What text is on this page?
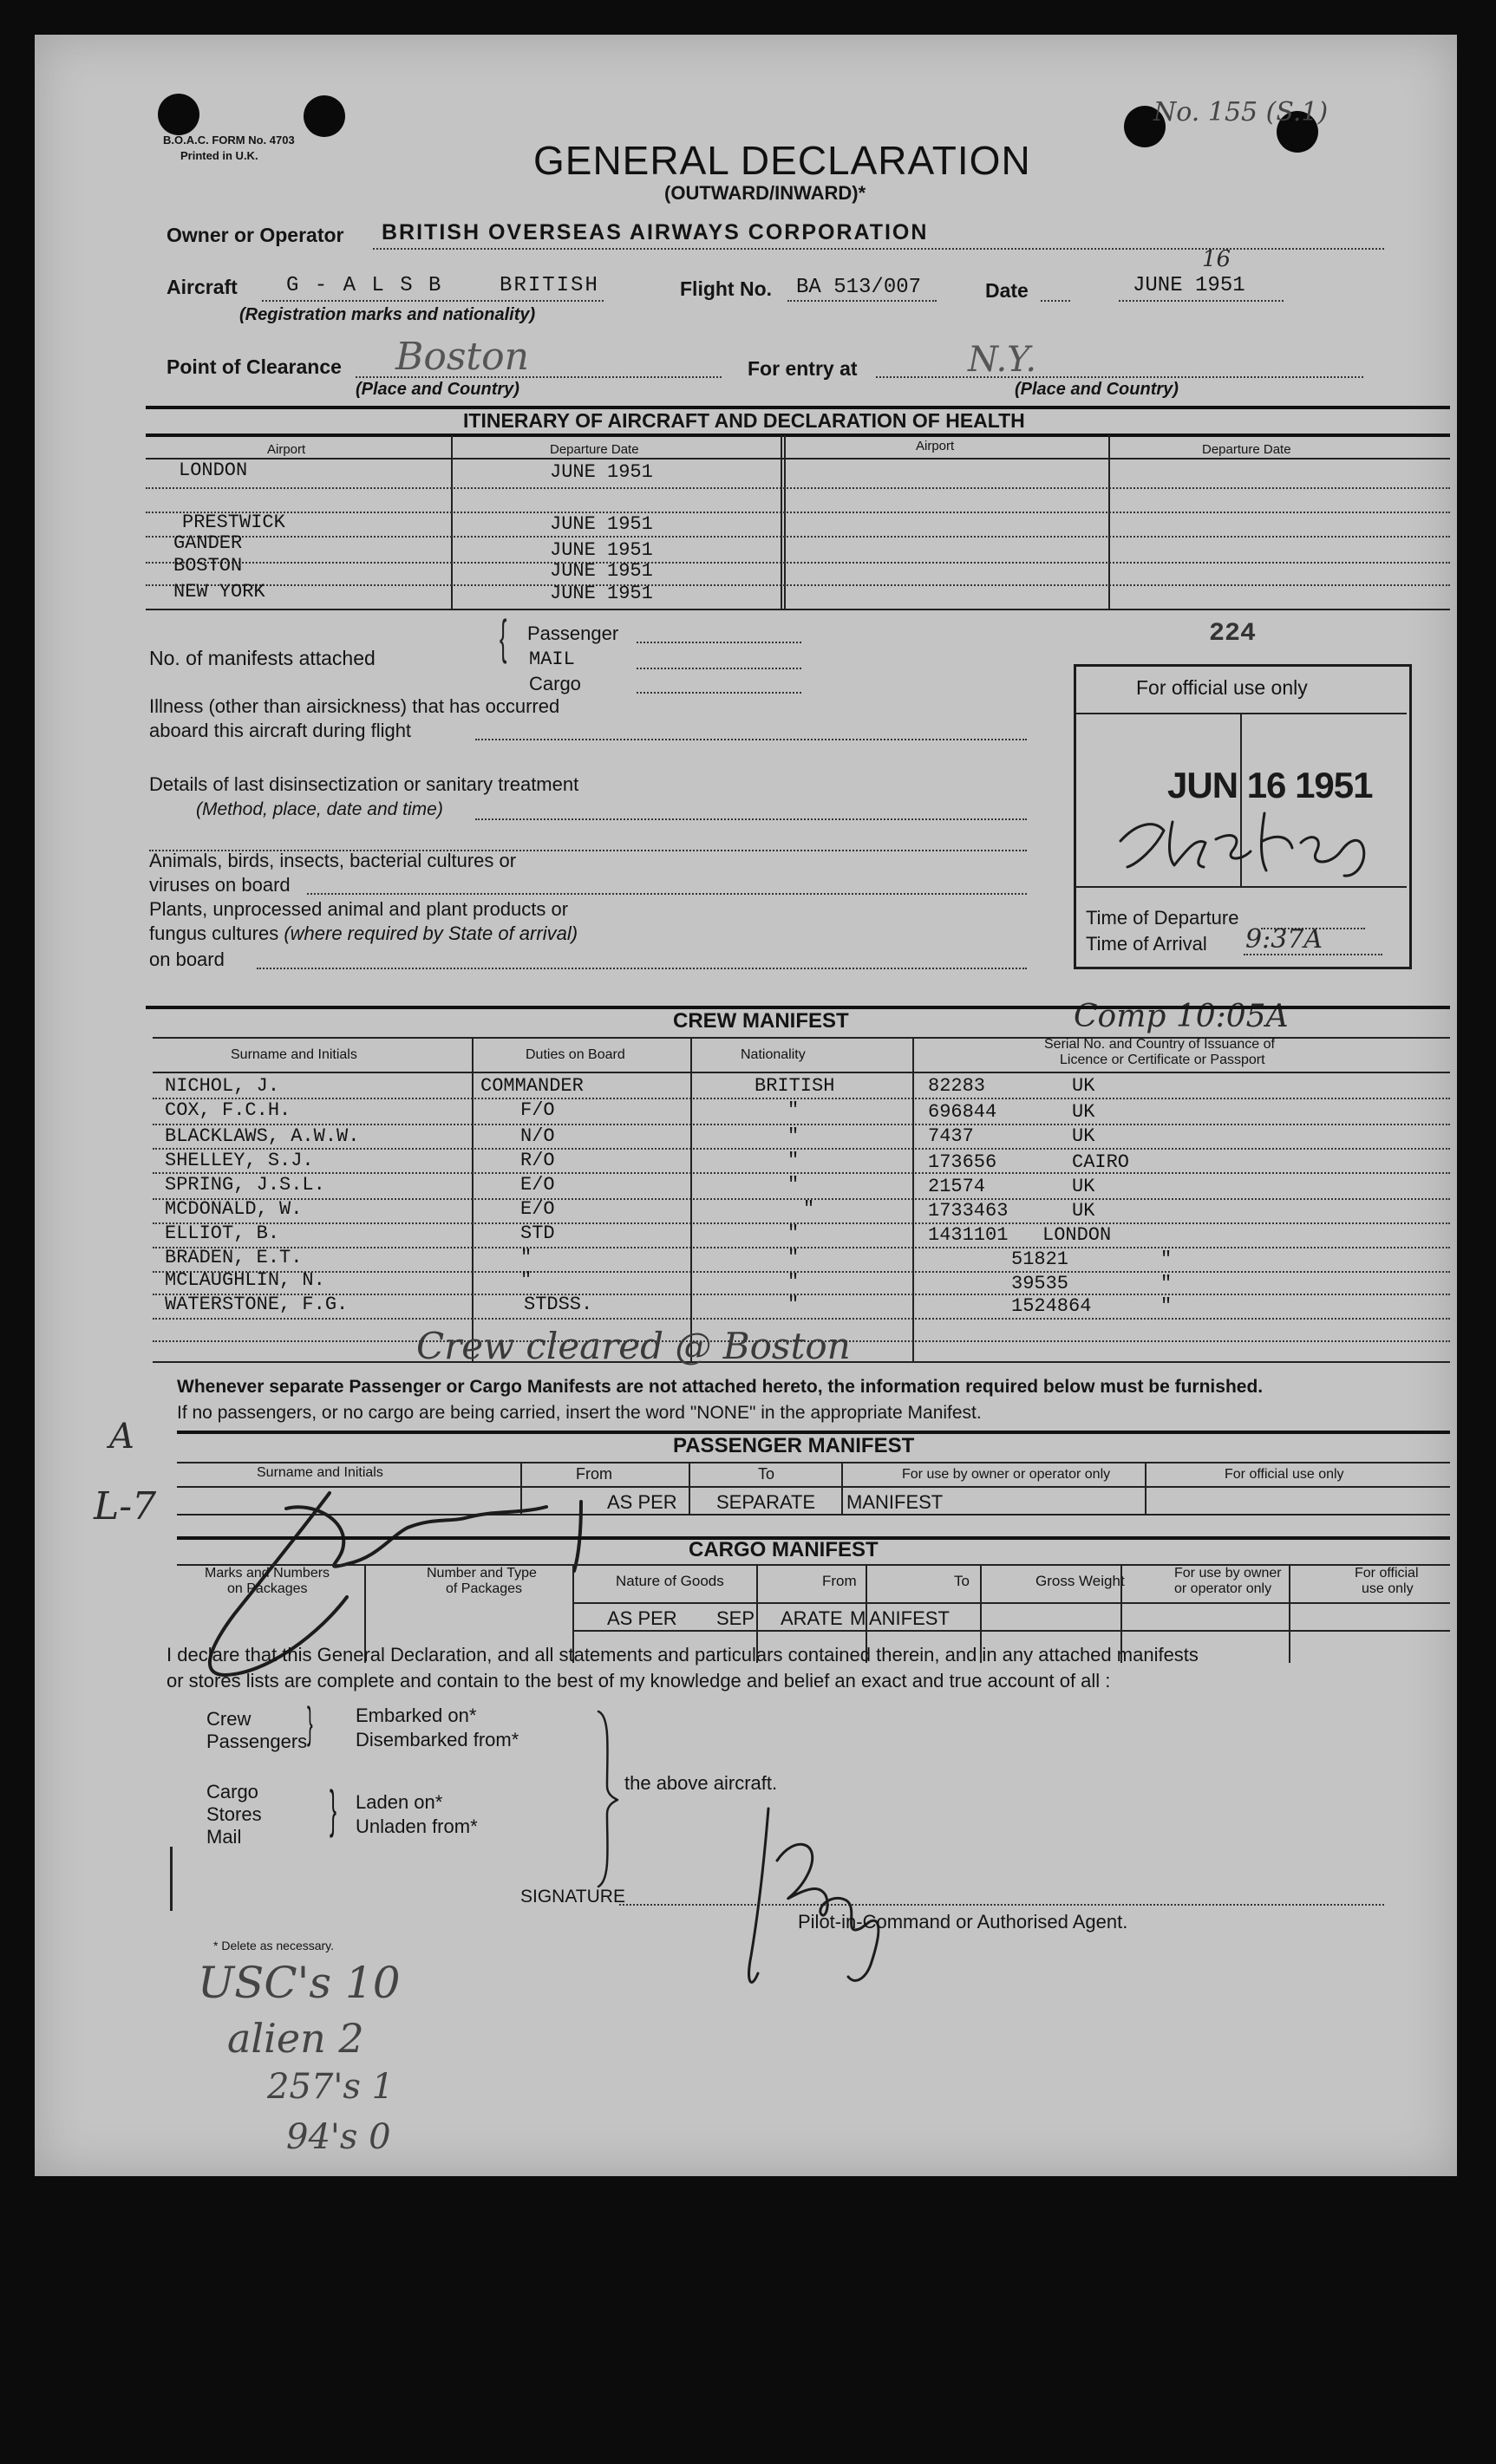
B.O.A.C. FORM No. 4703
Printed in U.K.
No. 155 (S.1)
GENERAL DECLARATION
(OUTWARD/INWARD)*
Owner or Operator BRITISH OVERSEAS AIRWAYS CORPORATION
Aircraft G - A L S B    BRITISH
(Registration marks and nationality)
Flight No. BA 513/007	Date	JUNE 1951
16
Point of Clearance Boston
(Place and Country)
For entry at	N.Y.
(Place and Country)
ITINERARY OF AIRCRAFT AND DECLARATION OF HEALTH
Airport	Departure Date	Airport	Departure Date
LONDON	JUNE 1951
PRESTWICK	JUNE 1951
GANDER	JUNE 1951
BOSTON	JUNE 1951
NEW YORK	JUNE 1951
No. of manifests attached	{ Passenger
MAIL
Cargo
224
Illness (other than airsickness) that has occurred
aboard this aircraft during flight
Details of last disinsectization or sanitary treatment
(Method, place, date and time)
Animals, birds, insects, bacterial cultures or
viruses on board
Plants, unprocessed animal and plant products or
fungus cultures (where required by State of arrival)
on board
For official use only
JUN 16 1951
Time of Departure
Time of Arrival 9:37A
Comp 10:05A
CREW MANIFEST
Surname and Initials	Duties on Board	Nationality
Serial No. and Country of Issuance of
Licence or Certificate or Passport
NICHOL, J.	COMMANDER	BRITISH	82283	UK
COX, F.C.H.	F/O	"	696844	UK
BLACKLAWS, A.W.W.	N/O	"	7437	UK
SHELLEY, S.J.	R/O	"	173656	CAIRO
SPRING, J.S.L.	E/O	"	21574	UK
MCDONALD, W.	E/O	"	1733463	UK
ELLIOT, B.	STD	"	1431101 LONDON
BRADEN, E.T.	"	"	51821	"
MCLAUGHLIN, N.	"	"	39535	"
WATERSTONE, F.G.	STDSS.	"	1524864	"
Crew cleared @ Boston
Whenever separate Passenger or Cargo Manifests are not attached hereto, the information required below must be furnished.
If no passengers, or no cargo are being carried, insert the word "NONE" in the appropriate Manifest.
A	PASSENGER MANIFEST
Surname and Initials	From	To	For use by owner or operator only	For official use only
AS PER SEPARATE MANIFEST
L-7
CARGO MANIFEST
Marks and Numbers
on Packages
Number and Type
of Packages	Nature of Goods	From	To	Gross Weight	For use by owner
or operator only
For official
use only
AS PER SEP ARATE M ANIFEST
I declare that this General Declaration, and all statements and particulars contained therein, and in any attached manifests
or stores lists are complete and contain to the best of my knowledge and belief an exact and true account of all :
Crew
Passengers } Embarked on*
Disembarked from*
Cargo
Stores
Mail } Laden on*
Unladen from*
the above aircraft.
SIGNATURE
Pilot-in-Command or Authorised Agent.
* Delete as necessary.
USC's 10
alien 2
257's 1
94's 0
